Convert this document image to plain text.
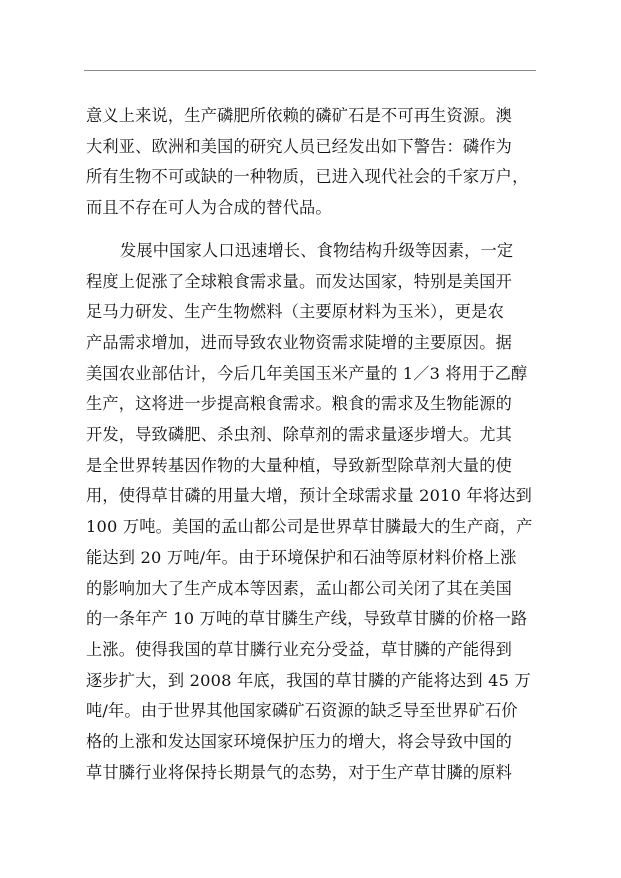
意义上来说，生产磷肥所依赖的磷矿石是不可再生资源。澳
大利亚、欧洲和美国的研究人员已经发出如下警告：磷作为
所有生物不可或缺的一种物质，已进入现代社会的千家万户，
而且不存在可人为合成的替代品。

发展中国家人口迅速增长、食物结构升级等因素，一定
程度上促涨了全球粮食需求量。而发达国家，特别是美国开
足马力研发、生产生物燃料（主要原材料为玉米），更是农
产品需求增加，进而导致农业物资需求陡增的主要原因。据
美国农业部估计，今后几年美国玉米产量的 1／3 将用于乙醇
生产，这将进一步提高粮食需求。粮食的需求及生物能源的
开发，导致磷肥、杀虫剂、除草剂的需求量逐步增大。尤其
是全世界转基因作物的大量种植，导致新型除草剂大量的使
用，使得草甘磷的用量大增，预计全球需求量 2010 年将达到
100 万吨。美国的孟山都公司是世界草甘膦最大的生产商，产
能达到 20 万吨/年。由于环境保护和石油等原材料价格上涨
的影响加大了生产成本等因素，孟山都公司关闭了其在美国
的一条年产 10 万吨的草甘膦生产线，导致草甘膦的价格一路
上涨。使得我国的草甘膦行业充分受益，草甘膦的产能得到
逐步扩大，到 2008 年底，我国的草甘膦的产能将达到 45 万
吨/年。由于世界其他国家磷矿石资源的缺乏导至世界矿石价
格的上涨和发达国家环境保护压力的增大，将会导致中国的
草甘膦行业将保持长期景气的态势，对于生产草甘膦的原料
